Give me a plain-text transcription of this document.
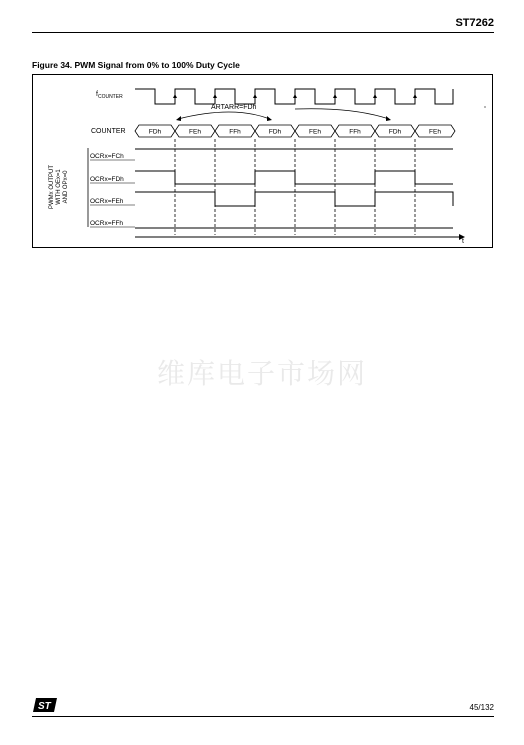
ST7262
Figure 34. PWM Signal from 0% to 100% Duty Cycle
$f_{COUNTER}$
ARTARR=FDh
COUNTER	FDh	FEh	FFh	FDh	FEh	FFh	FDh	FEh
PWMx OUTPUT WITH OEx=1 AND OPx=0
OCRx=FCh
OCRx=FDh
OCRx=FEh
OCRx=FFh
t
维库电子市场网
ST	45/132
